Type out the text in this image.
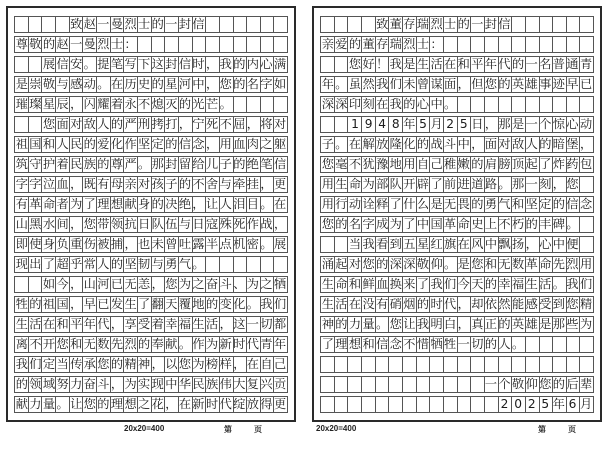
致 赵 一 曼 烈 士 的 一 封 信
尊 敬 的 赵 一 曼 烈 士 ：
展 信 安 。 提 笔 写 下 这 封 信 时 ， 我 的 内 心 满
是 崇 敬 与 感 动 。 在 历 史 的 星 河 中 ， 您 的 名 字 如
璀 璨 星 辰 ， 闪 耀 着 永 不 熄 灭 的 光 芒 。
您 面 对 敌 人 的 严 刑 拷 打 ， 宁 死 不 屈 ， 将 对
祖 国 和 人 民 的 爱 化 作 坚 定 的 信 念 ， 用 血 肉 之 躯
筑 守 护 着 民 族 的 尊 严 。 那 封 留 给 儿 子 的 绝 笔 信
字 字 泣 血 ， 既 有 母 亲 对 孩 子 的 不 舍 与 牵 挂 ， 更
有 革 命 者 为 了 理 想 献 身 的 决 绝 ， 让 人 泪 目 。 在
山 黑 水 间 ， 您 带 领 抗 日 队 伍 与 日 寇 殊 死 作 战 ，
即 使 身 负 重 伤 被 捕 ， 也 未 曾 吐 露 半 点 机 密 。 展
现 出 了 超 乎 常 人 的 坚 韧 与 勇 气 。
如 今 ， 山 河 已 无 恙 ， 您 为 之 奋 斗 、 为 之 牺
牲 的 祖 国 ， 早 已 发 生 了 翻 天 覆 地 的 变 化 。 我 们
生 活 在 和 平 年 代 ， 享 受 着 幸 福 生 活 ， 这 一 切 都
离 不 开 您 和 无 数 先 烈 的 奉 献 。 作 为 新 时 代 青 年
我 们 定 当 传 承 您 的 精 神 ， 以 您 为 榜 样 ， 在 自 己
的 领 域 努 力 奋 斗 ， 为 实 现 中 华 民 族 伟 大 复 兴 贡
献 力 量 。 让 您 的 理 想 之 花 ， 在 新 时 代 绽 放 得 更
20x20=400	第　　页
致 董 存 瑞 烈 士 的 一 封 信
亲 爱 的 董 存 瑞 烈 士 ：
您 好 ！ 我 是 生 活 在 和 平 年 代 的 一 名 普 通 青
年 。 虽 然 我 们 未 曾 谋 面 ， 但 您 的 英 雄 事 迹 早 已
深 深 印 刻 在 我 的 心 中 。
1 9 4 8 年 5 月 2 5 日 ， 那 是 一 个 惊 心 动
子 。 在 解 放 隆 化 的 战 斗 中 ， 面 对 敌 人 的 暗 堡 ，
您 毫 不 犹 豫 地 用 自 己 稚 嫩 的 肩 膀 顶 起 了 炸 药 包
用 生 命 为 部 队 开 辟 了 前 进 道 路 。 那 一 刻 ， 您
用 行 动 诠 释 了 什 么 是 无 畏 的 勇 气 和 坚 定 的 信 念
您 的 名 字 成 为 了 中 国 革 命 史 上 不 朽 的 丰 碑 。
当 我 看 到 五 星 红 旗 在 风 中 飘 扬 ， 心 中 便
涌 起 对 您 的 深 深 敬 仰 。 是 您 和 无 数 革 命 先 烈 用
生 命 和 鲜 血 换 来 了 我 们 今 天 的 幸 福 生 活 。 我 们
生 活 在 没 有 硝 烟 的 时 代 ， 却 依 然 能 感 受 到 您 精
神 的 力 量 。 您 让 我 明 白 ， 真 正 的 英 雄 是 那 些 为
了 理 想 和 信 念 不 惜 牺 牲 一 切 的 人 。
一 个 敬 仰 您 的 后 辈
2 0 2 5 年 6 月
20x20=400	第　　页
